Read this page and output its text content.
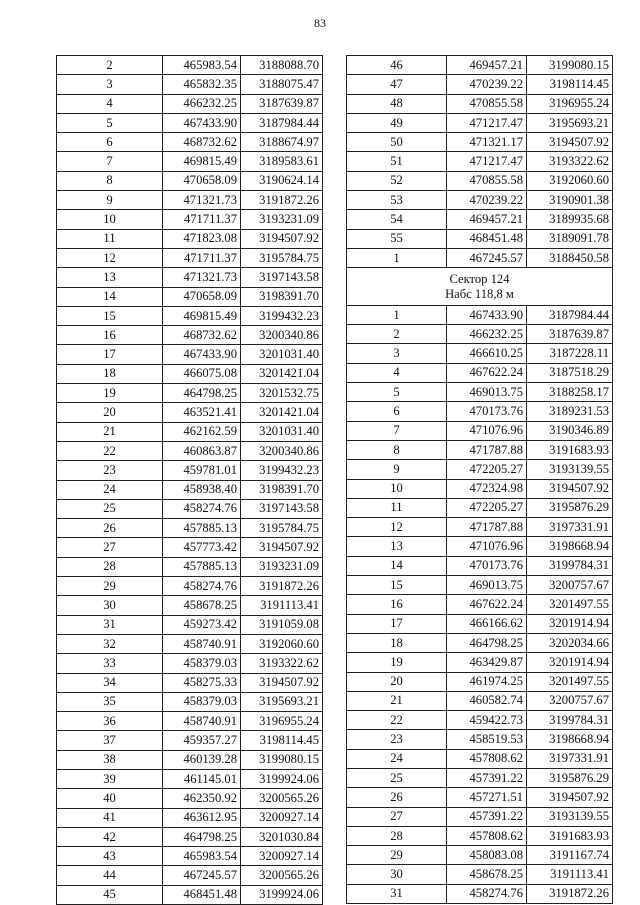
83
2	465983.54	3188088.70
3	465832.35	3188075.47
4	466232.25	3187639.87
5	467433.90	3187984.44
6	468732.62	3188674.97
7	469815.49	3189583.61
8	470658.09	3190624.14
9	471321.73	3191872.26
10	471711.37	3193231.09
11	471823.08	3194507.92
12	471711.37	3195784.75
13	471321.73	3197143.58
14	470658.09	3198391.70
15	469815.49	3199432.23
16	468732.62	3200340.86
17	467433.90	3201031.40
18	466075.08	3201421.04
19	464798.25	3201532.75
20	463521.41	3201421.04
21	462162.59	3201031.40
22	460863.87	3200340.86
23	459781.01	3199432.23
24	458938.40	3198391.70
25	458274.76	3197143.58
26	457885.13	3195784.75
27	457773.42	3194507.92
28	457885.13	3193231.09
29	458274.76	3191872.26
30	458678.25	3191113.41
31	459273.42	3191059.08
32	458740.91	3192060.60
33	458379.03	3193322.62
34	458275.33	3194507.92
35	458379.03	3195693.21
36	458740.91	3196955.24
37	459357.27	3198114.45
38	460139.28	3199080.15
39	461145.01	3199924.06
40	462350.92	3200565.26
41	463612.95	3200927.14
42	464798.25	3201030.84
43	465983.54	3200927.14
44	467245.57	3200565.26
45	468451.48	3199924.06
46	469457.21	3199080.15
47	470239.22	3198114.45
48	470855.58	3196955.24
49	471217.47	3195693.21
50	471321.17	3194507.92
51	471217.47	3193322.62
52	470855.58	3192060.60
53	470239.22	3190901.38
54	469457.21	3189935.68
55	468451.48	3189091.78
1	467245.57	3188450.58

Сектор 124
Набс 118,8 м		

1	467433.90	3187984.44
2	466232.25	3187639.87
3	466610.25	3187228.11
4	467622.24	3187518.29
5	469013.75	3188258.17
6	470173.76	3189231.53
7	471076.96	3190346.89
8	471787.88	3191683.93
9	472205.27	3193139.55
10	472324.98	3194507.92
11	472205.27	3195876.29
12	471787.88	3197331.91
13	471076.96	3198668.94
14	470173.76	3199784.31
15	469013.75	3200757.67
16	467622.24	3201497.55
17	466166.62	3201914.94
18	464798.25	3202034.66
19	463429.87	3201914.94
20	461974.25	3201497.55
21	460582.74	3200757.67
22	459422.73	3199784.31
23	458519.53	3198668.94
24	457808.62	3197331.91
25	457391.22	3195876.29
26	457271.51	3194507.92
27	457391.22	3193139.55
28	457808.62	3191683.93
29	458083.08	3191167.74
30	458678.25	3191113.41
31	458274.76	3191872.26
